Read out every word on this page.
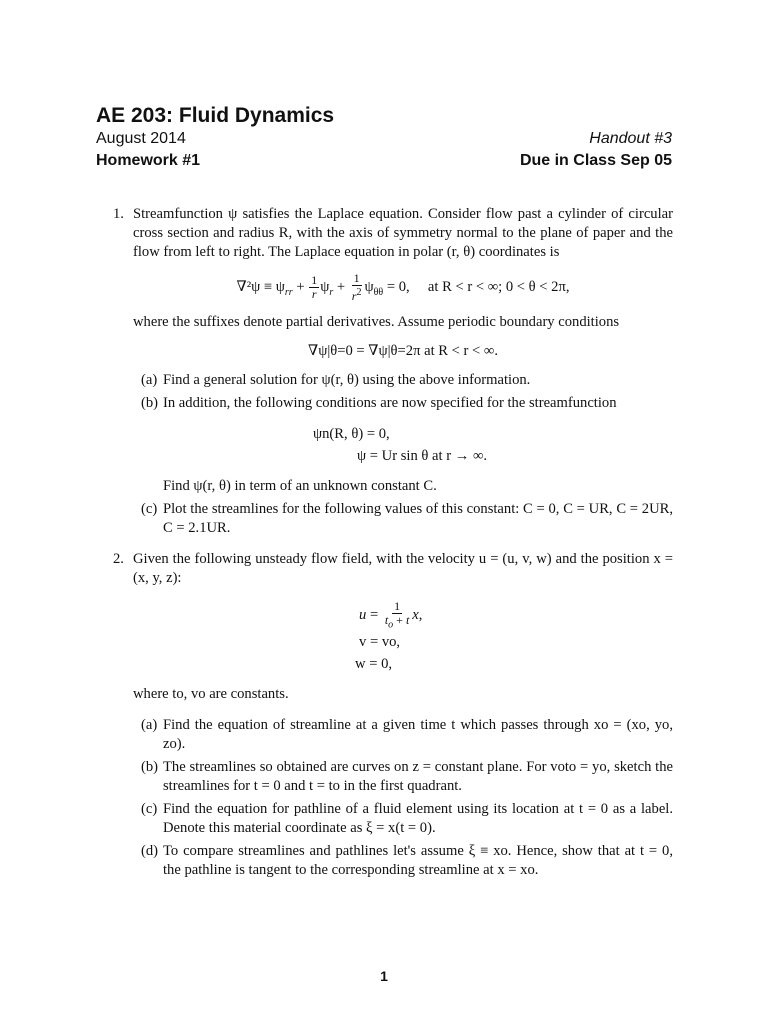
AE 203: Fluid Dynamics
August 2014	Handout #3
Homework #1	Due in Class Sep 05
1. Streamfunction ψ satisfies the Laplace equation. Consider flow past a cylinder of circular cross section and radius R, with the axis of symmetry normal to the plane of paper and the flow from left to right. The Laplace equation in polar (r, θ) coordinates is

$\nabla^2\psi \equiv \psi_{rr} + \frac{1}{r} \psi_r + \frac{1}{r^2} \psi_{\theta\theta} = 0$,     at R < r < ∞; 0 < θ < 2π,

where the suffixes denote partial derivatives. Assume periodic boundary conditions

∇ψ|θ=0 = ∇ψ|θ=2π at R < r < ∞.
(a) Find a general solution for ψ(r, θ) using the above information.

(b) In addition, the following conditions are now specified for the streamfunction

ψn(R, θ) = 0,
ψ = Ur sin θ at r → ∞.

Find ψ(r, θ) in term of an unknown constant C.

(c) Plot the streamlines for the following values of this constant: C = 0, C = UR, C = 2UR, C = 2.1UR.

2. Given the following unsteady flow field, with the velocity u = (u, v, w) and the position x = (x, y, z):

$u = \frac{1}{t_o + t} x$,
v = vo,
w = 0,

where to, vo are constants.

(a) Find the equation of streamline at a given time t which passes through xo = (xo, yo, zo).

(b) The streamlines so obtained are curves on z = constant plane. For voto = yo, sketch the streamlines for t = 0 and t = to in the first quadrant.

(c) Find the equation for pathline of a fluid element using its location at t = 0 as a label. Denote this material coordinate as ξ = x(t = 0).

(d) To compare streamlines and pathlines let's assume ξ ≡ xo. Hence, show that at t = 0, the pathline is tangent to the corresponding streamline at x = xo.

1
